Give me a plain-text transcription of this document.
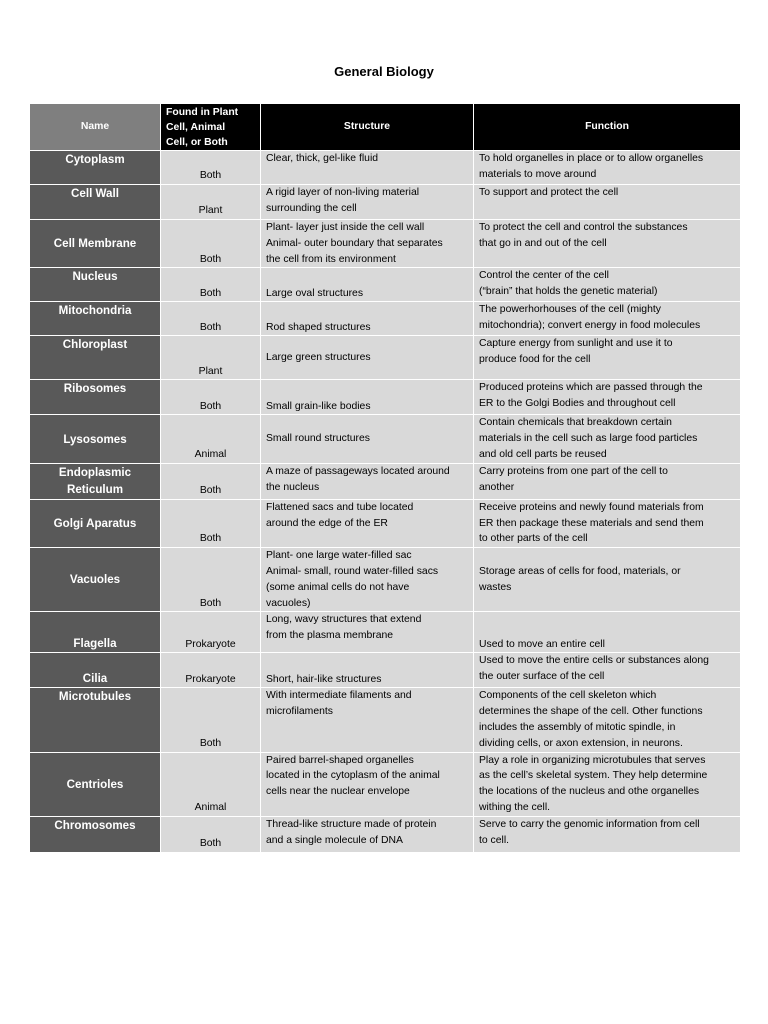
General Biology
Name	Found in Plant
Cell, Animal
Cell, or Both	Structure	Function

Cytoplasm	Both	Clear, thick, gel-like fluid	To hold organelles in place or to allow organelles
materials to move around

Cell Wall	Plant	A rigid layer of non-living material
surrounding the cell	To support and protect the cell

Cell Membrane	Both	Plant- layer just inside the cell wall
Animal- outer boundary that separates
the cell from its environment	To protect the cell and control the substances
that go in and out of the cell

Nucleus	Both	Large oval structures	Control the center of the cell
(“brain” that holds the genetic material)

Mitochondria	Both	Rod shaped structures	The powerhorhouses of the cell (mighty
mitochondria); convert energy in food molecules

Chloroplast	Plant	Large green structures	Capture energy from sunlight and use it to
produce food for the cell

Ribosomes	Both	Small grain-like bodies	Produced proteins which are passed through the
ER to the Golgi Bodies and throughout cell

Lysosomes	Animal	Small round structures	Contain chemicals that breakdown certain
materials in the cell such as large food particles
and old cell parts be reused

Endoplasmic
Reticulum	Both	A maze of passageways located around
the nucleus	Carry proteins from one part of the cell to
another

Golgi Aparatus	Both	Flattened sacs and tube located
around the edge of the ER	Receive proteins and newly found materials from
ER then package these materials and send them
to other parts of the cell

Vacuoles	Both	Plant- one large water-filled sac
Animal- small, round water-filled sacs
(some animal cells do not have
vacuoles)	Storage areas of cells for food, materials, or
wastes

Flagella	Prokaryote	Long, wavy structures that extend
from the plasma membrane	Used to move an entire cell

Cilia	Prokaryote	Short, hair-like structures	Used to move the entire cells or substances along
the outer surface of the cell

Microtubules	Both	With intermediate filaments and
microfilaments	Components of the cell skeleton which
determines the shape of the cell. Other functions
includes the assembly of mitotic spindle, in
dividing cells, or axon extension, in neurons.

Centrioles	Animal	Paired barrel-shaped organelles
located in the cytoplasm of the animal
cells near the nuclear envelope	Play a role in organizing microtubules that serves
as the cell’s skeletal system. They help determine
the locations of the nucleus and othe organelles
withing the cell.

Chromosomes	Both	Thread-like structure made of protein
and a single molecule of DNA	Serve to carry the genomic information from cell
to cell.
